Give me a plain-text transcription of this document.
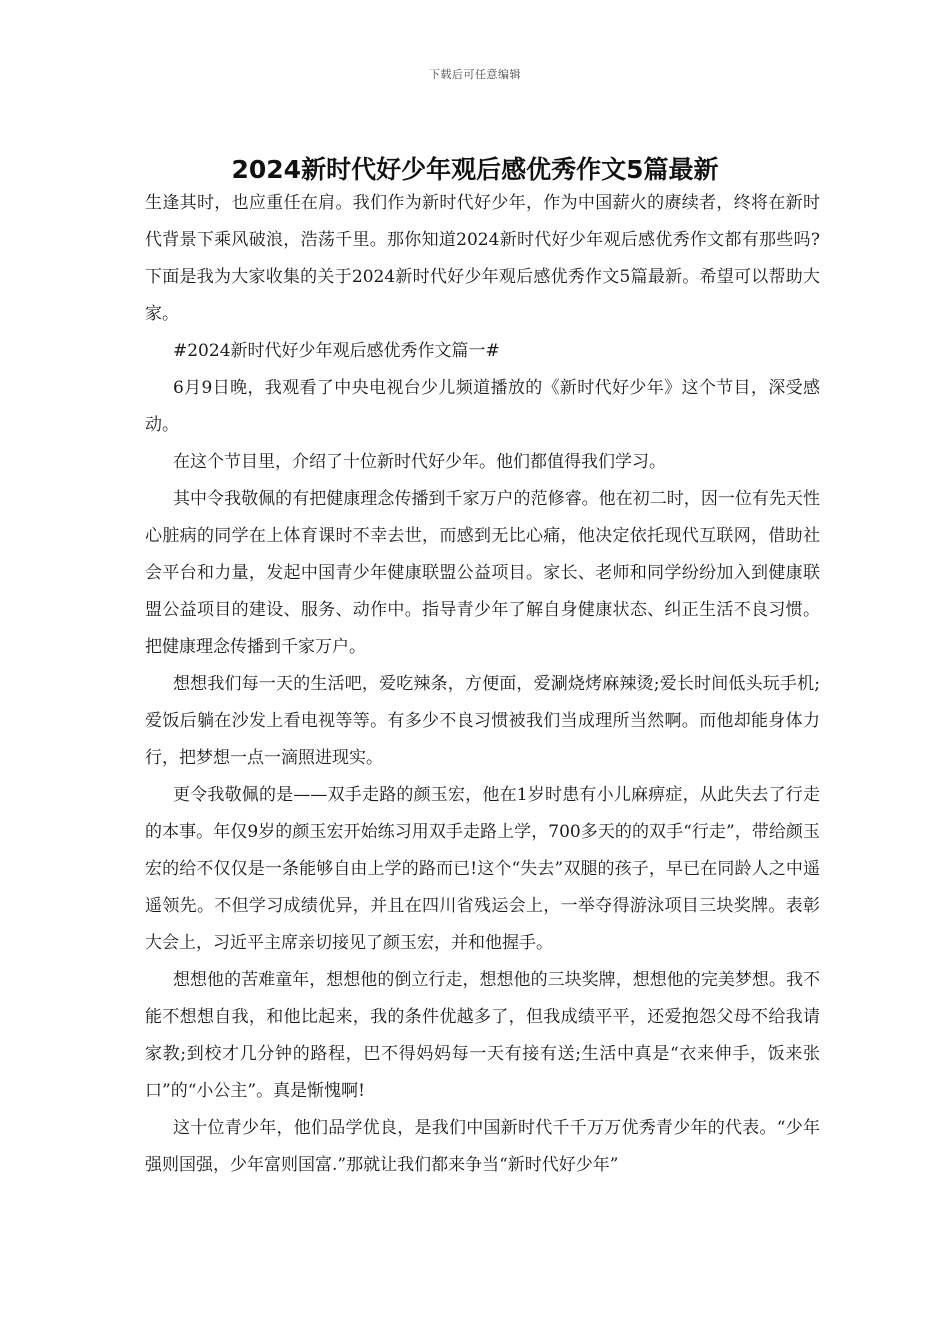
下载后可任意编辑
2024新时代好少年观后感优秀作文5篇最新

生逢其时，也应重任在肩。我们作为新时代好少年，作为中国薪火的赓续者，终将在新时代背景下乘风破浪，浩荡千里。那你知道2024新时代好少年观后感优秀作文都有那些吗?下面是我为大家收集的关于2024新时代好少年观后感优秀作文5篇最新。希望可以帮助大家。

#2024新时代好少年观后感优秀作文篇一#

6月9日晚，我观看了中央电视台少儿频道播放的《新时代好少年》这个节目，深受感动。

在这个节目里，介绍了十位新时代好少年。他们都值得我们学习。

其中令我敬佩的有把健康理念传播到千家万户的范修睿。他在初二时，因一位有先天性心脏病的同学在上体育课时不幸去世，而感到无比心痛，他决定依托现代互联网，借助社会平台和力量，发起中国青少年健康联盟公益项目。家长、老师和同学纷纷加入到健康联盟公益项目的建设、服务、动作中。指导青少年了解自身健康状态、纠正生活不良习惯。把健康理念传播到千家万户。

想想我们每一天的生活吧，爱吃辣条，方便面，爱涮烧烤麻辣烫;爱长时间低头玩手机;爱饭后躺在沙发上看电视等等。有多少不良习惯被我们当成理所当然啊。而他却能身体力行，把梦想一点一滴照进现实。

更令我敬佩的是——双手走路的颜玉宏，他在1岁时患有小儿麻痹症，从此失去了行走的本事。年仅9岁的颜玉宏开始练习用双手走路上学，700多天的的双手“行走”，带给颜玉宏的给不仅仅是一条能够自由上学的路而已!这个“失去”双腿的孩子，早已在同龄人之中遥遥领先。不但学习成绩优异，并且在四川省残运会上，一举夺得游泳项目三块奖牌。表彰大会上，习近平主席亲切接见了颜玉宏，并和他握手。

想想他的苦难童年，想想他的倒立行走，想想他的三块奖牌，想想他的完美梦想。我不能不想想自我，和他比起来，我的条件优越多了，但我成绩平平，还爱抱怨父母不给我请家教;到校才几分钟的路程，巴不得妈妈每一天有接有送;生活中真是“衣来伸手，饭来张口”的“小公主”。真是惭愧啊!

这十位青少年，他们品学优良，是我们中国新时代千千万万优秀青少年的代表。“少年强则国强，少年富则国富.”那就让我们都来争当“新时代好少年”
